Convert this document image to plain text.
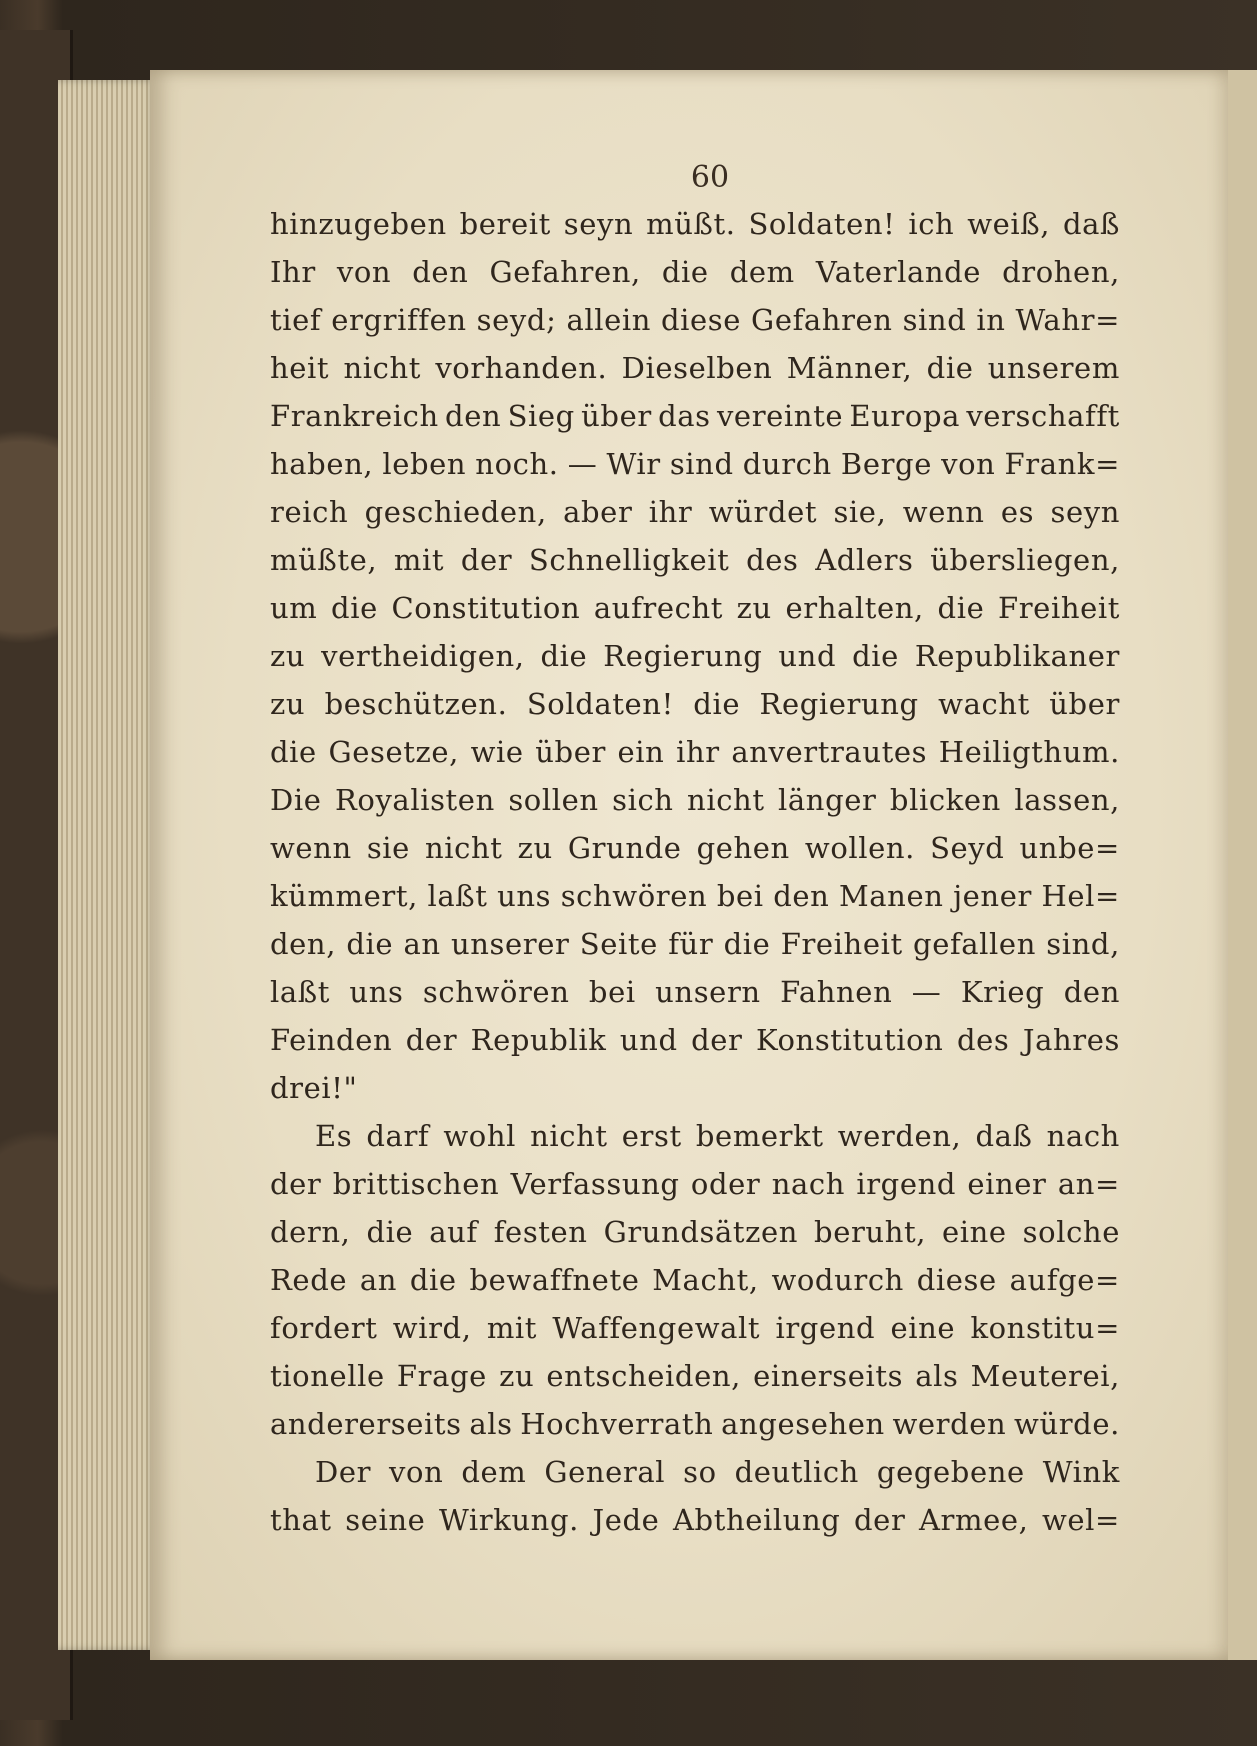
60
hinzugeben bereit seyn müßt. Soldaten! ich weiß, daß
Ihr von den Gefahren, die dem Vaterlande drohen,
tief ergriffen seyd; allein diese Gefahren sind in Wahr=
heit nicht vorhanden. Dieselben Männer, die unserem
Frankreich den Sieg über das vereinte Europa verschafft
haben, leben noch. — Wir sind durch Berge von Frank=
reich geschieden, aber ihr würdet sie, wenn es seyn
müßte, mit der Schnelligkeit des Adlers übersliegen,
um die Constitution aufrecht zu erhalten, die Freiheit
zu vertheidigen, die Regierung und die Republikaner
zu beschützen. Soldaten! die Regierung wacht über
die Gesetze, wie über ein ihr anvertrautes Heiligthum.
Die Royalisten sollen sich nicht länger blicken lassen,
wenn sie nicht zu Grunde gehen wollen. Seyd unbe=
kümmert, laßt uns schwören bei den Manen jener Hel=
den, die an unserer Seite für die Freiheit gefallen sind,
laßt uns schwören bei unsern Fahnen — Krieg den
Feinden der Republik und der Konstitution des Jahres
drei!"
Es darf wohl nicht erst bemerkt werden, daß nach
der brittischen Verfassung oder nach irgend einer an=
dern, die auf festen Grundsätzen beruht, eine solche
Rede an die bewaffnete Macht, wodurch diese aufge=
fordert wird, mit Waffengewalt irgend eine konstitu=
tionelle Frage zu entscheiden, einerseits als Meuterei,
andererseits als Hochverrath angesehen werden würde.
Der von dem General so deutlich gegebene Wink
that seine Wirkung. Jede Abtheilung der Armee, wel=
